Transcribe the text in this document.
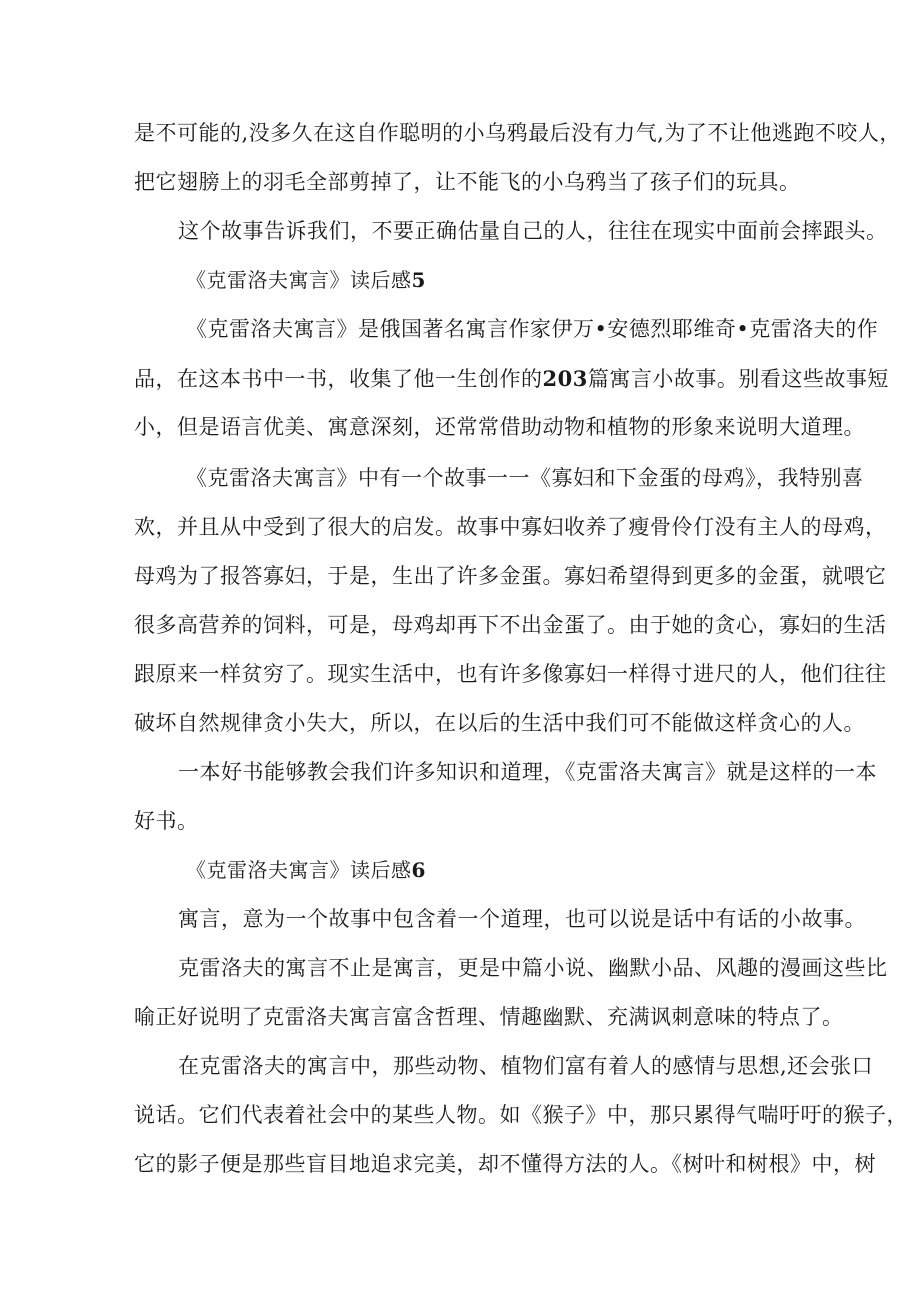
是不可能的,没多久在这自作聪明的小乌鸦最后没有力气,为了不让他逃跑不咬人，
把它翅膀上的羽毛全部剪掉了，让不能飞的小乌鸦当了孩子们的玩具。
这个故事告诉我们，不要正确估量自己的人，往往在现实中面前会摔跟头。
《克雷洛夫寓言》读后感5
《克雷洛夫寓言》是俄国著名寓言作家伊万•安德烈耶维奇•克雷洛夫的作
品，在这本书中一书，收集了他一生创作的203篇寓言小故事。别看这些故事短
小，但是语言优美、寓意深刻，还常常借助动物和植物的形象来说明大道理。
《克雷洛夫寓言》中有一个故事一一《寡妇和下金蛋的母鸡》，我特别喜
欢，并且从中受到了很大的启发。故事中寡妇收养了瘦骨伶仃没有主人的母鸡，
母鸡为了报答寡妇，于是，生出了许多金蛋。寡妇希望得到更多的金蛋，就喂它
很多高营养的饲料，可是，母鸡却再下不出金蛋了。由于她的贪心，寡妇的生活
跟原来一样贫穷了。现实生活中，也有许多像寡妇一样得寸进尺的人，他们往往
破坏自然规律贪小失大，所以，在以后的生活中我们可不能做这样贪心的人。
一本好书能够教会我们许多知识和道理，《克雷洛夫寓言》就是这样的一本
好书。
《克雷洛夫寓言》读后感6
寓言，意为一个故事中包含着一个道理，也可以说是话中有话的小故事。
克雷洛夫的寓言不止是寓言，更是中篇小说、幽默小品、风趣的漫画这些比
喻正好说明了克雷洛夫寓言富含哲理、情趣幽默、充满讽刺意味的特点了。
在克雷洛夫的寓言中，那些动物、植物们富有着人的感情与思想,还会张口
说话。它们代表着社会中的某些人物。如《猴子》中，那只累得气喘吁吁的猴子，
它的影子便是那些盲目地追求完美，却不懂得方法的人。《树叶和树根》中，树
